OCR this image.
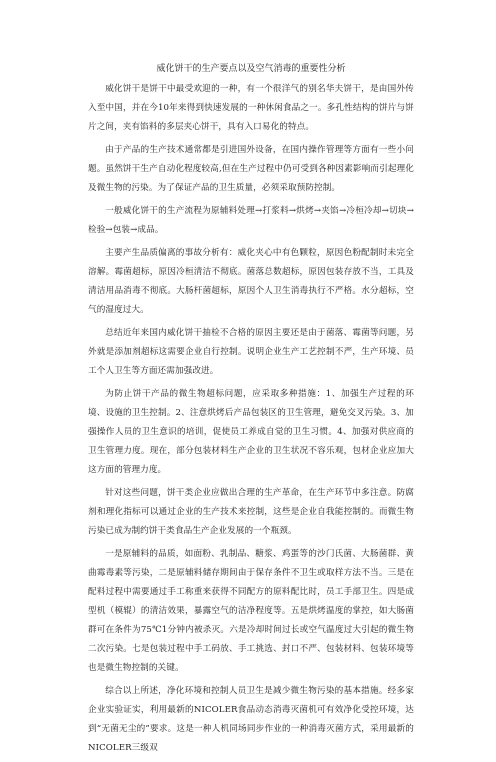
威化饼干的生产要点以及空气消毒的重要性分析

威化饼干是饼干中最受欢迎的一种，有一个很洋气的别名华夫饼干，是由国外传入至中国，并在今10年来得到快速发展的一种休闲食品之一。多孔性结构的饼片与饼片之间，夹有馅料的多层夹心饼干，具有入口易化的特点。

由于产品的生产技术通常都是引进国外设备，在国内操作管理等方面有一些小问题。虽然饼干生产自动化程度较高,但在生产过程中仍可受到各种因素影响而引起理化及微生物的污染。为了保证产品的卫生质量，必须采取预防控制。

一般威化饼干的生产流程为原辅料处理→打浆料→烘烤→夹馅→冷桓冷却→切块→检验→包装→成品。

主要产生品质偏离的事故分析有：威化夹心中有色颗粒，原因色粉配制时未完全溶解。霉菌超标，原因冷桓清洁不彻底。菌落总数超标，原因包装存放不当，工具及清洁用品消毒不彻底。大肠杆菌超标，原因个人卫生消毒执行不严格。水分超标，空气的湿度过大。

总结近年来国内威化饼干抽检不合格的原因主要还是由于菌落、霉菌等问题，另外就是添加剂超标这需要企业自行控制。说明企业生产工艺控制不严，生产环境、员工个人卫生等方面还需加强改进。

为防止饼干产品的微生物超标问题，应采取多种措施：1、加强生产过程的环境、设施的卫生控制。2、注意烘烤后产品包装区的卫生管理，避免交叉污染。3、加强操作人员的卫生意识的培训，促使员工养成自觉的卫生习惯。4、加强对供应商的卫生管理力度。现在，部分包装材料生产企业的卫生状况不容乐观，包材企业应加大这方面的管理力度。

针对这些问题，饼干类企业应做出合理的生产革命，在生产环节中多注意。防腐剂和理化指标可以通过企业的生产技术来控制，这些是企业自我能控制的。而微生物污染已成为制约饼干类食品生产企业发展的一个瓶颈。

一是原辅料的品质，如面粉、乳制品、糖浆、鸡蛋等的沙门氏菌、大肠菌群、黄曲霉毒素等污染，二是原辅料储存期间由于保存条件不卫生或取样方法不当。三是在配料过程中需要通过手工称重来获得不同配方的原料配比时，员工手部卫生。四是成型机（模辊）的清洁效果，暴露空气的洁净程度等。五是烘烤温度的掌控，如大肠菌群可在条件为75℃1分钟内被杀灭。六是冷却时间过长或空气温度过大引起的微生物二次污染。七是包装过程中手工码放、手工挑选、封口不严、包装材料、包装环境等也是微生物控制的关键。

综合以上所述，净化环境和控制人员卫生是减少微生物污染的基本措施。经多家企业实验证实，利用最新的NICOLER食品动态消毒灭菌机可有效净化受控环境，达到“无菌无尘的”要求。这是一种人机同场同步作业的一种消毒灭菌方式，采用最新的NICOLER三级双
